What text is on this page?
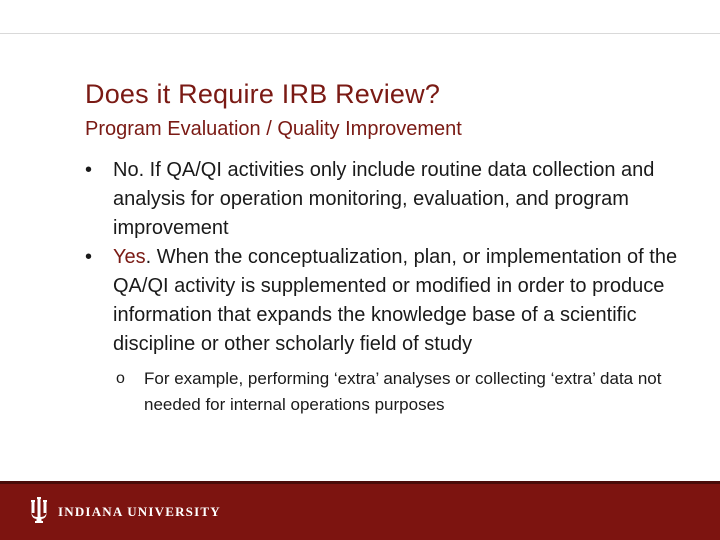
Does it Require IRB Review?
Program Evaluation / Quality Improvement
•	No. If QA/QI activities only include routine data collection and analysis for operation monitoring, evaluation, and program improvement
•	Yes. When the conceptualization, plan, or implementation of the QA/QI activity is supplemented or modified in order to produce information that expands the knowledge base of a scientific discipline or other scholarly field of study
o For example, performing ‘extra’ analyses or collecting ‘extra’ data not needed for internal operations purposes
INDIANA UNIVERSITY
